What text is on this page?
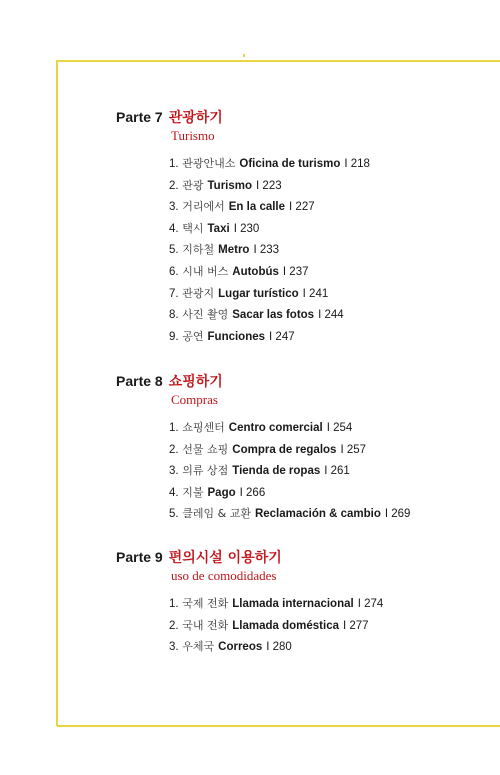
Parte 7 관광하기
Turismo
1. 관광안내소 Oficina de turismo I 218
2. 관광 Turismo I 223
3. 거리에서 En la calle I 227
4. 택시 Taxi I 230
5. 지하철 Metro I 233
6. 시내 버스 Autobús I 237
7. 관광지 Lugar turístico I 241
8. 사진 촬영 Sacar las fotos I 244
9. 공연 Funciones I 247
Parte 8 쇼핑하기
Compras
1. 쇼핑센터 Centro comercial I 254
2. 선물 쇼핑 Compra de regalos I 257
3. 의류 상점 Tienda de ropas I 261
4. 지불 Pago I 266
5. 클레임 & 교환 Reclamación & cambio I 269
Parte 9 편의시설 이용하기
uso de comodidades
1. 국제 전화 Llamada internacional I 274
2. 국내 전화 Llamada doméstica I 277
3. 우체국 Correos I 280
